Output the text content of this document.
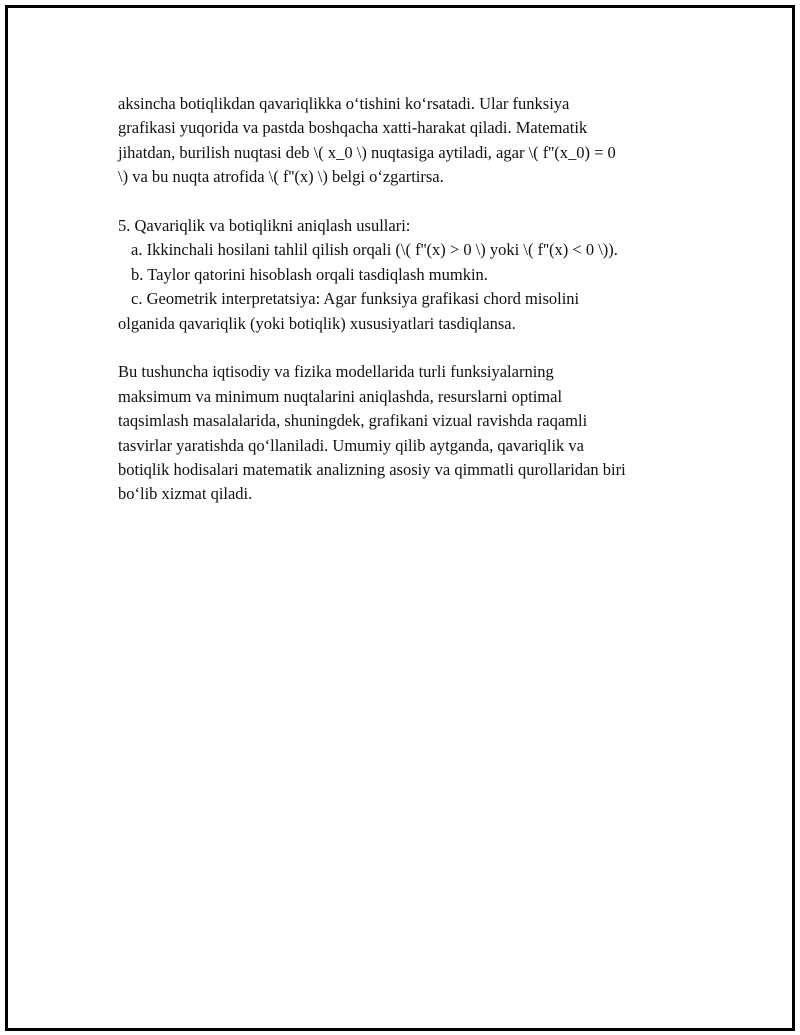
aksincha botiqlikdan qavariqlikka o‘tishini ko‘rsatadi. Ular funksiya
grafikasi yuqorida va pastda boshqacha xatti-harakat qiladi. Matematik
jihatdan, burilish nuqtasi deb \( x_0 \) nuqtasiga aytiladi, agar \( f''(x_0) = 0
\) va bu nuqta atrofida \( f''(x) \) belgi o‘zgartirsa.

5. Qavariqlik va botiqlikni aniqlash usullari:

a. Ikkinchali hosilani tahlil qilish orqali (\( f''(x) > 0 \) yoki \( f''(x) < 0 \)).

b. Taylor qatorini hisoblash orqali tasdiqlash mumkin.

c. Geometrik interpretatsiya: Agar funksiya grafikasi chord misolini
olganida qavariqlik (yoki botiqlik) xususiyatlari tasdiqlansa.

Bu tushuncha iqtisodiy va fizika modellarida turli funksiyalarning
maksimum va minimum nuqtalarini aniqlashda, resurslarni optimal
taqsimlash masalalarida, shuningdek, grafikani vizual ravishda raqamli
tasvirlar yaratishda qo‘llaniladi. Umumiy qilib aytganda, qavariqlik va
botiqlik hodisalari matematik analizning asosiy va qimmatli qurollaridan biri
bo‘lib xizmat qiladi.
